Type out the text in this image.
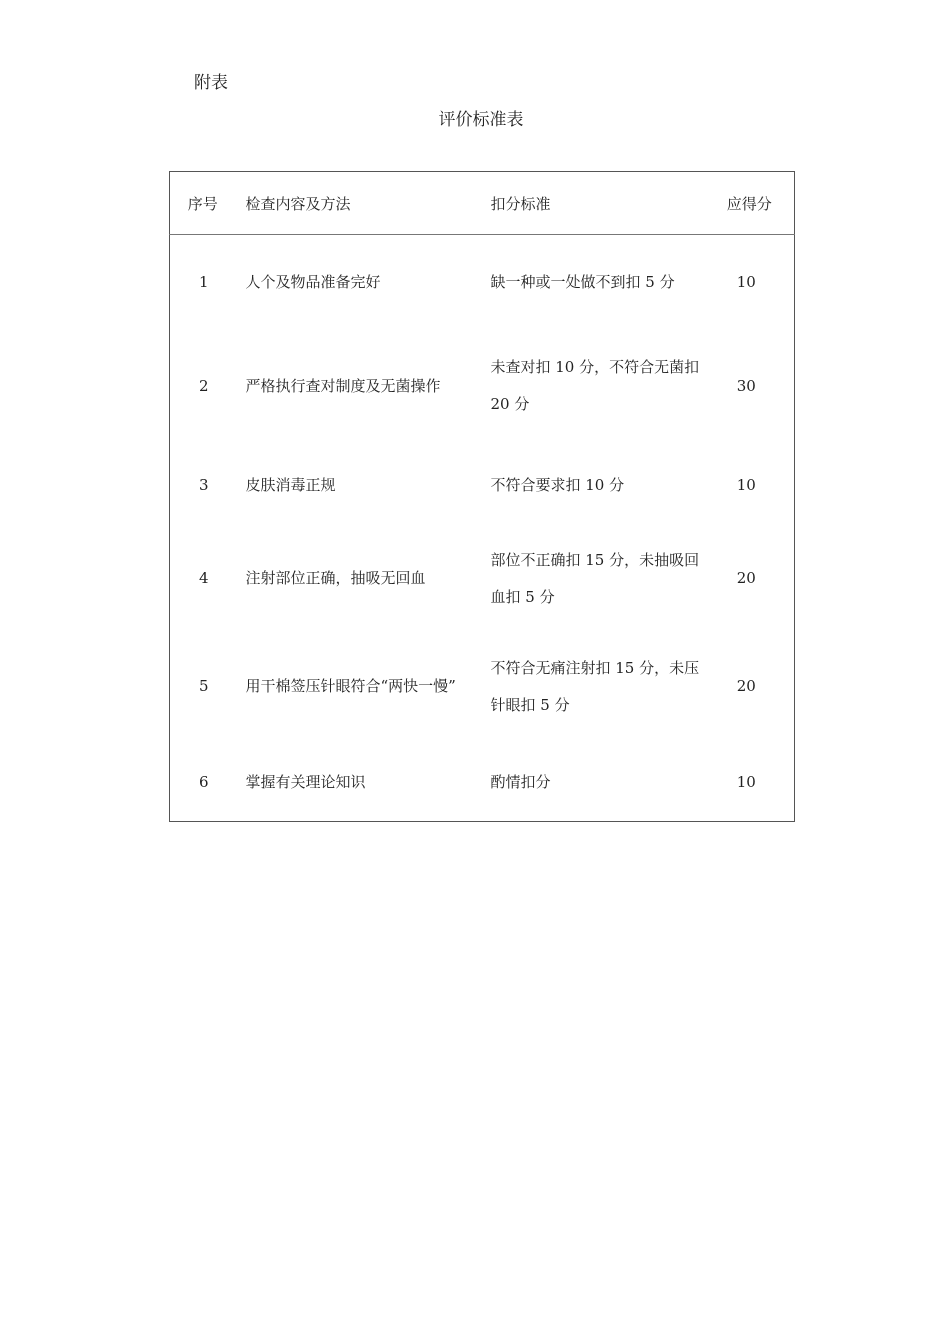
附表
评价标准表
序号	检查内容及方法	扣分标准	应得分
1	人个及物品准备完好	缺一种或一处做不到扣 5 分	10
2	严格执行查对制度及无菌操作	未查对扣 10 分，不符合无菌扣 20 分	30
3	皮肤消毒正规	不符合要求扣 10 分	10
4	注射部位正确，抽吸无回血	部位不正确扣 15 分，未抽吸回血扣 5 分	20
5	用干棉签压针眼符合“两快一慢”	不符合无痛注射扣 15 分，未压针眼扣 5 分	20
6	掌握有关理论知识	酌情扣分	10
